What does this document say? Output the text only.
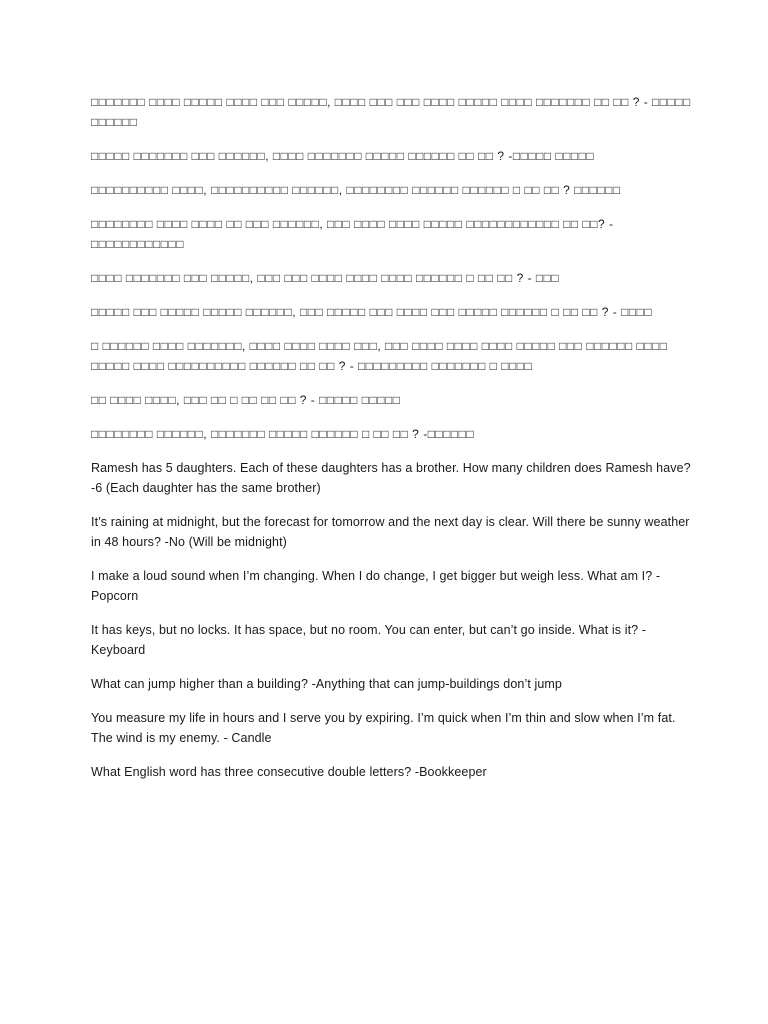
□□□□□□□ □□□□ □□□□□ □□□□ □□□ □□□□□, □□□□ □□□ □□□ □□□□ □□□□□ □□□□ □□□□□□□ □□ □□ ? - □□□□□ □□□□□□

□□□□□ □□□□□□□ □□□ □□□□□□, □□□□ □□□□□□□ □□□□□ □□□□□□ □□ □□ ? -□□□□□ □□□□□

□□□□□□□□□□ □□□□, □□□□□□□□□□ □□□□□□, □□□□□□□□ □□□□□□ □□□□□□ □ □□ □□ ? □□□□□□

□□□□□□□□ □□□□ □□□□ □□ □□□ □□□□□□, □□□ □□□□ □□□□ □□□□□ □□□□□□□□□□□□ □□ □□? - □□□□□□□□□□□□

□□□□ □□□□□□□ □□□ □□□□□, □□□ □□□ □□□□ □□□□ □□□□ □□□□□□ □ □□ □□ ? - □□□

□□□□□ □□□ □□□□□ □□□□□ □□□□□□, □□□ □□□□□ □□□ □□□□ □□□ □□□□□ □□□□□□ □ □□ □□ ? - □□□□

□ □□□□□□ □□□□ □□□□□□□, □□□□ □□□□ □□□□ □□□, □□□ □□□□ □□□□ □□□□ □□□□□ □□□ □□□□□□ □□□□ □□□□□ □□□□ □□□□□□□□□□ □□□□□□ □□ □□ ? - □□□□□□□□□ □□□□□□□ □ □□□□

□□ □□□□ □□□□, □□□ □□ □ □□ □□ □□ ? - □□□□□ □□□□□

□□□□□□□□ □□□□□□, □□□□□□□ □□□□□ □□□□□□ □ □□ □□ ? -□□□□□□

Ramesh has 5 daughters. Each of these daughters has a brother. How many children does Ramesh have? -6 (Each daughter has the same brother)

It’s raining at midnight, but the forecast for tomorrow and the next day is clear. Will there be sunny weather in 48 hours? -No (Will be midnight)

I make a loud sound when I’m changing. When I do change, I get bigger but weigh less. What am I? - Popcorn

It has keys, but no locks. It has space, but no room. You can enter, but can’t go inside. What is it? - Keyboard

What can jump higher than a building? -Anything that can jump-buildings don’t jump

You measure my life in hours and I serve you by expiring. I’m quick when I’m thin and slow when I’m fat. The wind is my enemy. - Candle

What English word has three consecutive double letters? -Bookkeeper
